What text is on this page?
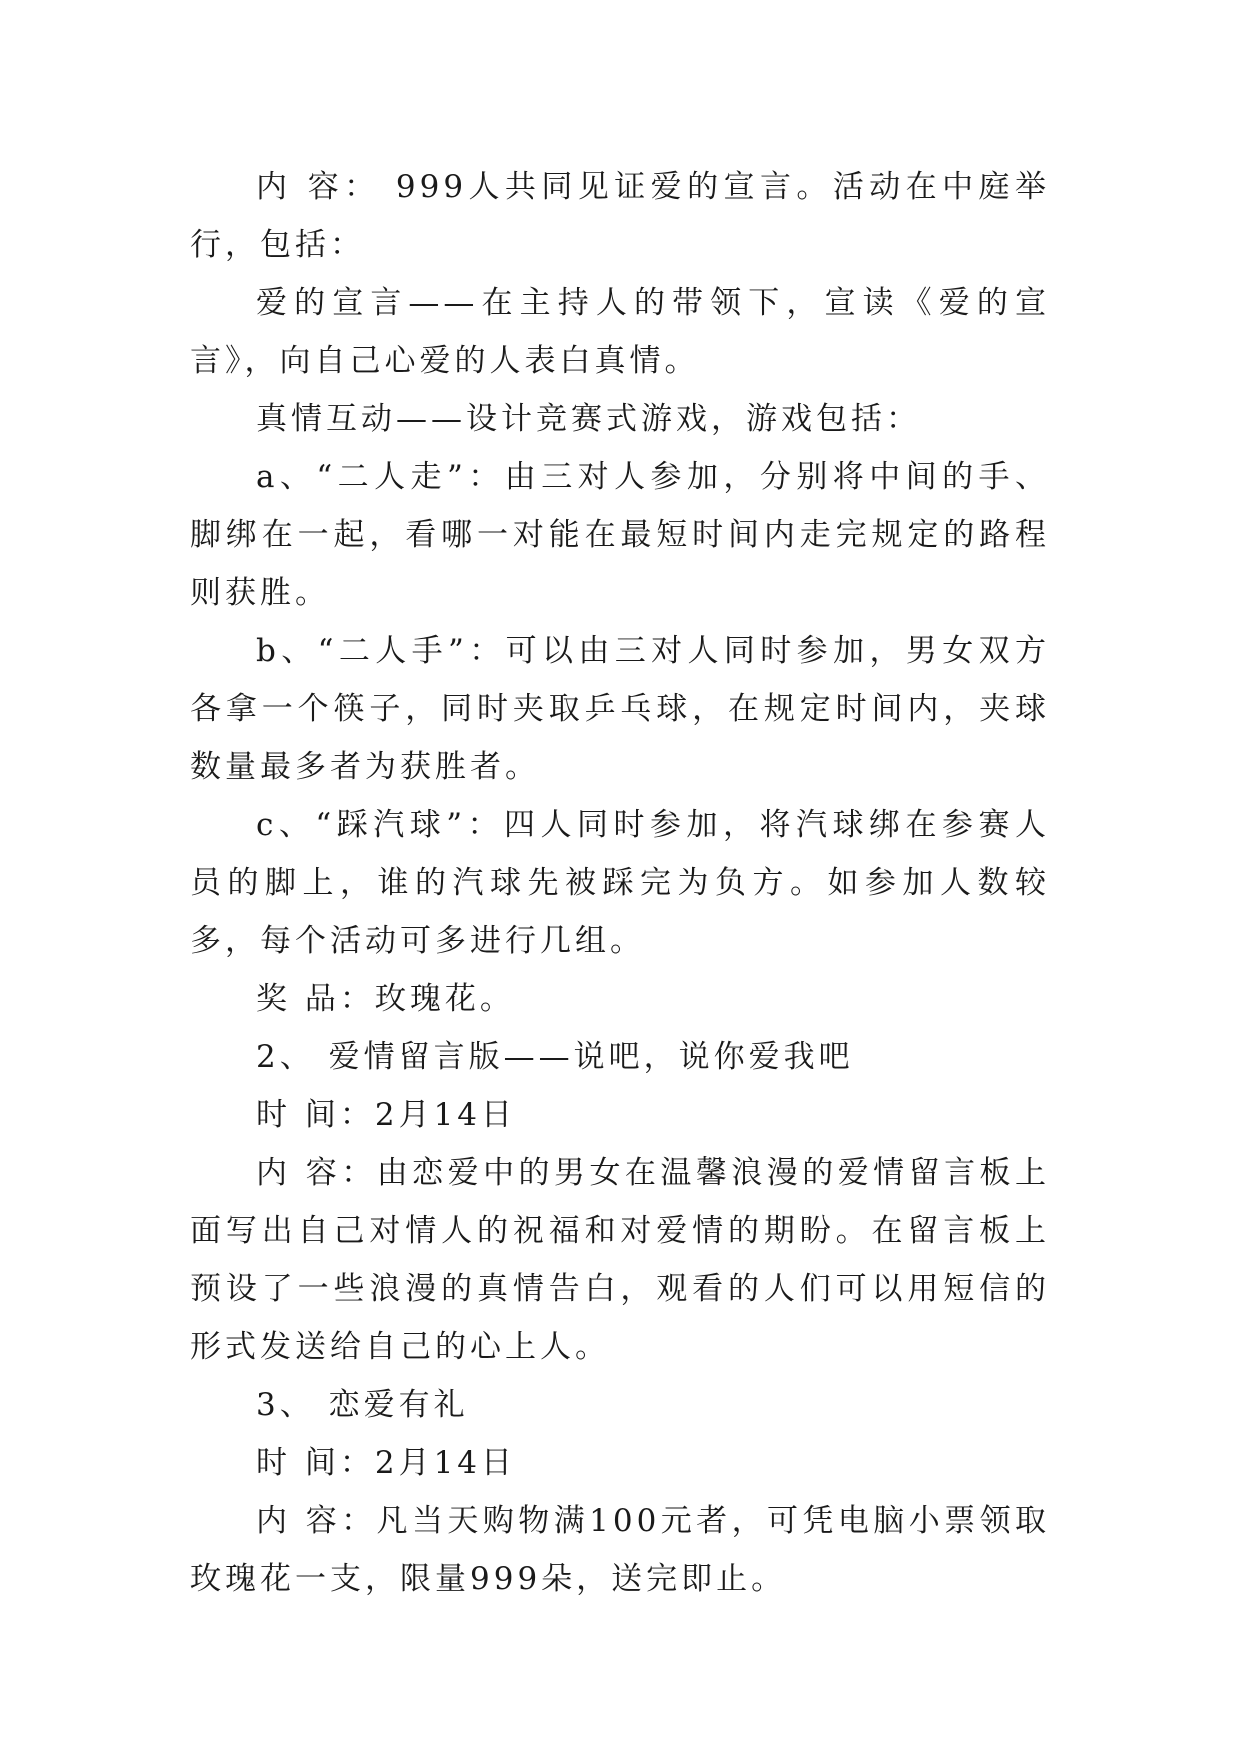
内 容： 999人共同见证爱的宣言。活动在中庭举行，包括：

爱的宣言——在主持人的带领下，宣读《爱的宣言》，向自己心爱的人表白真情。

真情互动——设计竞赛式游戏，游戏包括：

a、“二人走”：由三对人参加，分别将中间的手、脚绑在一起，看哪一对能在最短时间内走完规定的路程则获胜。

b、“二人手”：可以由三对人同时参加，男女双方各拿一个筷子，同时夹取乒乓球，在规定时间内，夹球数量最多者为获胜者。

c、“踩汽球”：四人同时参加，将汽球绑在参赛人员的脚上，谁的汽球先被踩完为负方。如参加人数较多，每个活动可多进行几组。

奖 品：玫瑰花。

2、 爱情留言版——说吧，说你爱我吧

时 间：2月14日

内 容：由恋爱中的男女在温馨浪漫的爱情留言板上面写出自己对情人的祝福和对爱情的期盼。在留言板上预设了一些浪漫的真情告白，观看的人们可以用短信的形式发送给自己的心上人。

3、 恋爱有礼

时 间：2月14日

内 容：凡当天购物满100元者，可凭电脑小票领取玫瑰花一支，限量999朵，送完即止。
